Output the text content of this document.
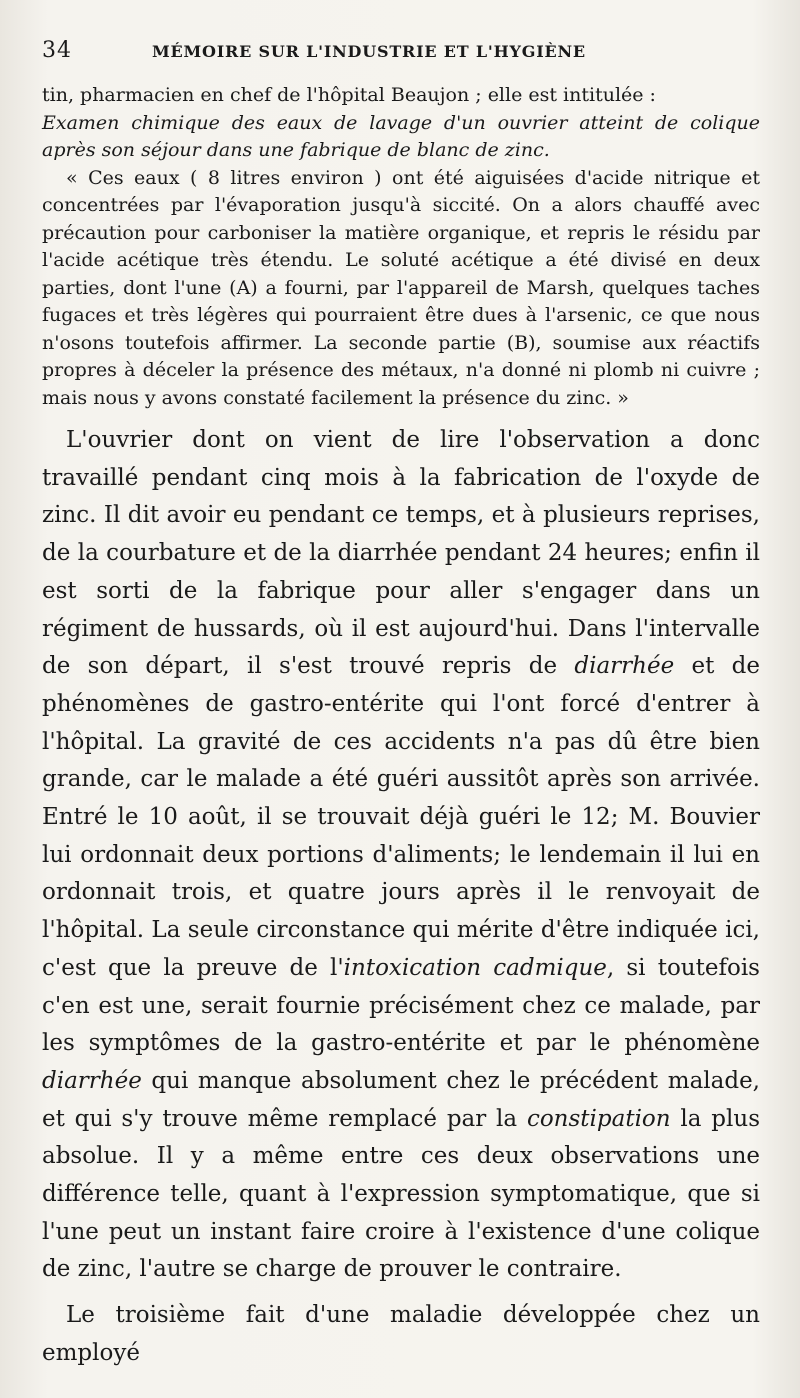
34	MÉMOIRE SUR L'INDUSTRIE ET L'HYGIÈNE

tin, pharmacien en chef de l'hôpital Beaujon ; elle est intitulée :

Examen chimique des eaux de lavage d'un ouvrier atteint de colique après son séjour dans une fabrique de blanc de zinc.

« Ces eaux ( 8 litres environ ) ont été aiguisées d'acide nitrique et concentrées par l'évaporation jusqu'à siccité. On a alors chauffé avec précaution pour carboniser la matière organique, et repris le résidu par l'acide acétique très étendu. Le soluté acétique a été divisé en deux parties, dont l'une (A) a fourni, par l'appareil de Marsh, quelques taches fugaces et très légères qui pourraient être dues à l'arsenic, ce que nous n'osons toutefois affirmer. La seconde partie (B), soumise aux réactifs propres à déceler la présence des métaux, n'a donné ni plomb ni cuivre ; mais nous y avons constaté facilement la présence du zinc. »

L'ouvrier dont on vient de lire l'observation a donc travaillé pendant cinq mois à la fabrication de l'oxyde de zinc. Il dit avoir eu pendant ce temps, et à plusieurs reprises, de la courbature et de la diarrhée pendant 24 heures; enfin il est sorti de la fabrique pour aller s'engager dans un régiment de hussards, où il est aujourd'hui. Dans l'intervalle de son départ, il s'est trouvé repris de diarrhée et de phénomènes de gastro-entérite qui l'ont forcé d'entrer à l'hôpital. La gravité de ces accidents n'a pas dû être bien grande, car le malade a été guéri aussitôt après son arrivée. Entré le 10 août, il se trouvait déjà guéri le 12; M. Bouvier lui ordonnait deux portions d'aliments; le lendemain il lui en ordonnait trois, et quatre jours après il le renvoyait de l'hôpital. La seule circonstance qui mérite d'être indiquée ici, c'est que la preuve de l'intoxication cadmique, si toutefois c'en est une, serait fournie précisément chez ce malade, par les symptômes de la gastro-entérite et par le phénomène diarrhée qui manque absolument chez le précédent malade, et qui s'y trouve même remplacé par la constipation la plus absolue. Il y a même entre ces deux observations une différence telle, quant à l'expression symptomatique, que si l'une peut un instant faire croire à l'existence d'une colique de zinc, l'autre se charge de prouver le contraire.

Le troisième fait d'une maladie développée chez un employé
